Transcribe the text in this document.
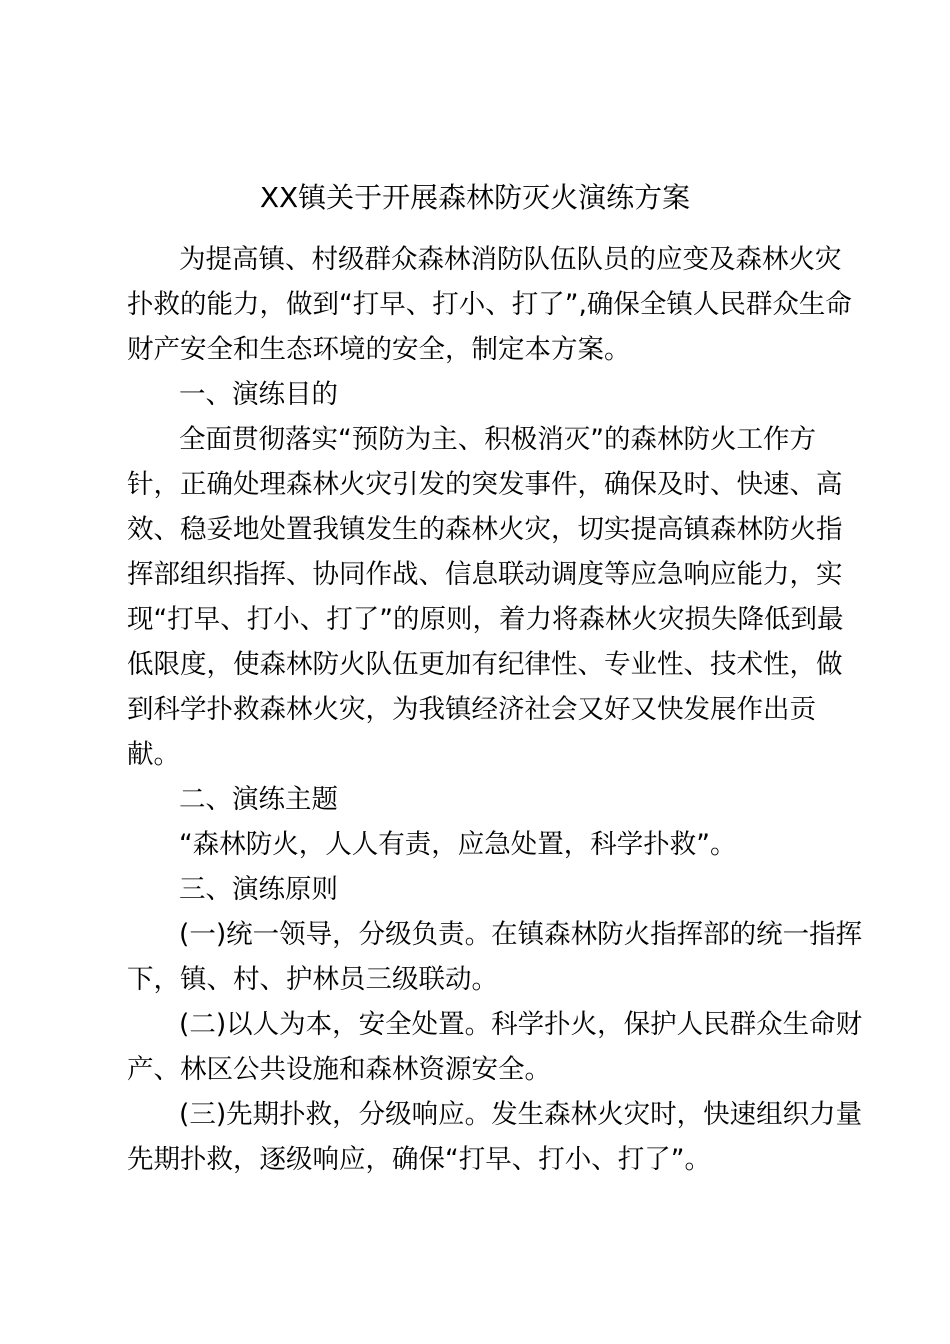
XX镇关于开展森林防灭火演练方案
为提高镇、村级群众森林消防队伍队员的应变及森林火灾
扑救的能力，做到“打早、打小、打了”,确保全镇人民群众生命
财产安全和生态环境的安全，制定本方案。
一、演练目的
全面贯彻落实“预防为主、积极消灭”的森林防火工作方
针，正确处理森林火灾引发的突发事件，确保及时、快速、高
效、稳妥地处置我镇发生的森林火灾，切实提高镇森林防火指
挥部组织指挥、协同作战、信息联动调度等应急响应能力，实
现“打早、打小、打了”的原则，着力将森林火灾损失降低到最
低限度，使森林防火队伍更加有纪律性、专业性、技术性，做
到科学扑救森林火灾，为我镇经济社会又好又快发展作出贡
献。
二、演练主题
“森林防火，人人有责，应急处置，科学扑救”。
三、演练原则
(一)统一领导，分级负责。在镇森林防火指挥部的统一指挥
下，镇、村、护林员三级联动。
(二)以人为本，安全处置。科学扑火，保护人民群众生命财
产、林区公共设施和森林资源安全。
(三)先期扑救，分级响应。发生森林火灾时，快速组织力量
先期扑救，逐级响应，确保“打早、打小、打了”。
